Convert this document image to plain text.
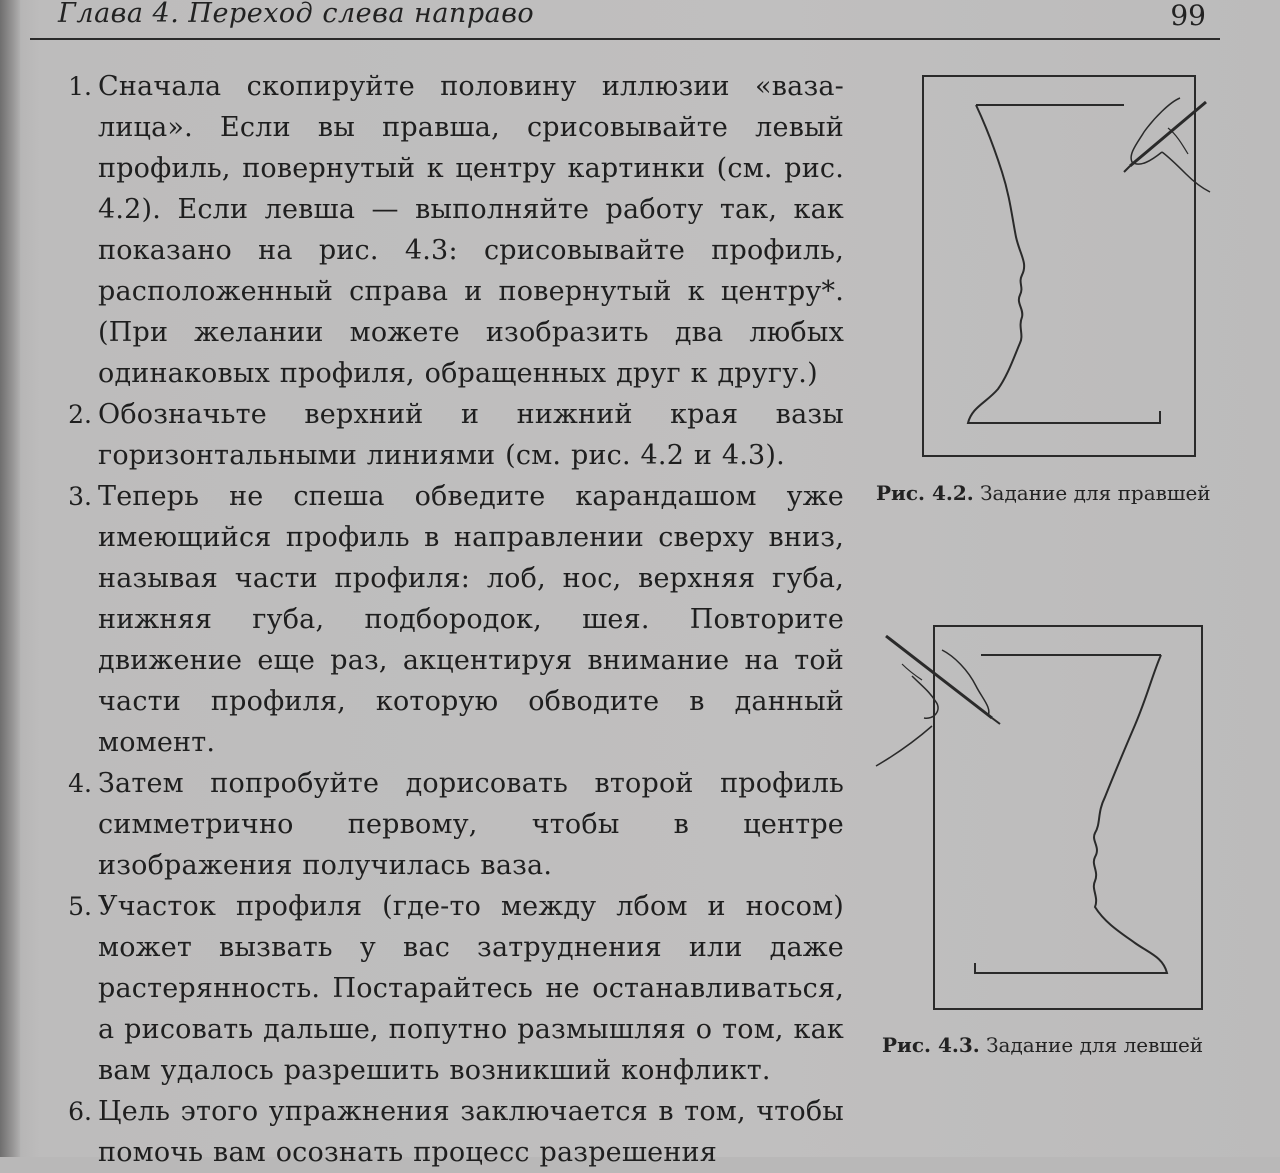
Глава 4. Переход слева направо	99
1. Сначала скопируйте половину иллюзии «ваза-лица». Если вы правша, срисовывайте левый профиль, повернутый к центру картинки (см. рис. 4.2). Если левша — выполняйте работу так, как показано на рис. 4.3: срисовывайте профиль, расположенный справа и повернутый к центру*. (При желании можете изобразить два любых одинаковых профиля, обращенных друг к другу.)
2. Обозначьте верхний и нижний края вазы горизонтальными линиями (см. рис. 4.2 и 4.3).
3. Теперь не спеша обведите карандашом уже имеющийся профиль в направлении сверху вниз, называя части профиля: лоб, нос, верхняя губа, нижняя губа, подбородок, шея. Повторите движение еще раз, акцентируя внимание на той части профиля, которую обводите в данный момент.
4. Затем попробуйте дорисовать второй профиль симметрично первому, чтобы в центре изображения получилась ваза.
5. Участок профиля (где-то между лбом и носом) может вызвать у вас затруднения или даже растерянность. Постарайтесь не останавливаться, а рисовать дальше, попутно размышляя о том, как вам удалось разрешить возникший конфликт.
6. Цель этого упражнения заключается в том, чтобы помочь вам осознать процесс разрешения
Рис. 4.2. Задание для правшей
Рис. 4.3. Задание для левшей
